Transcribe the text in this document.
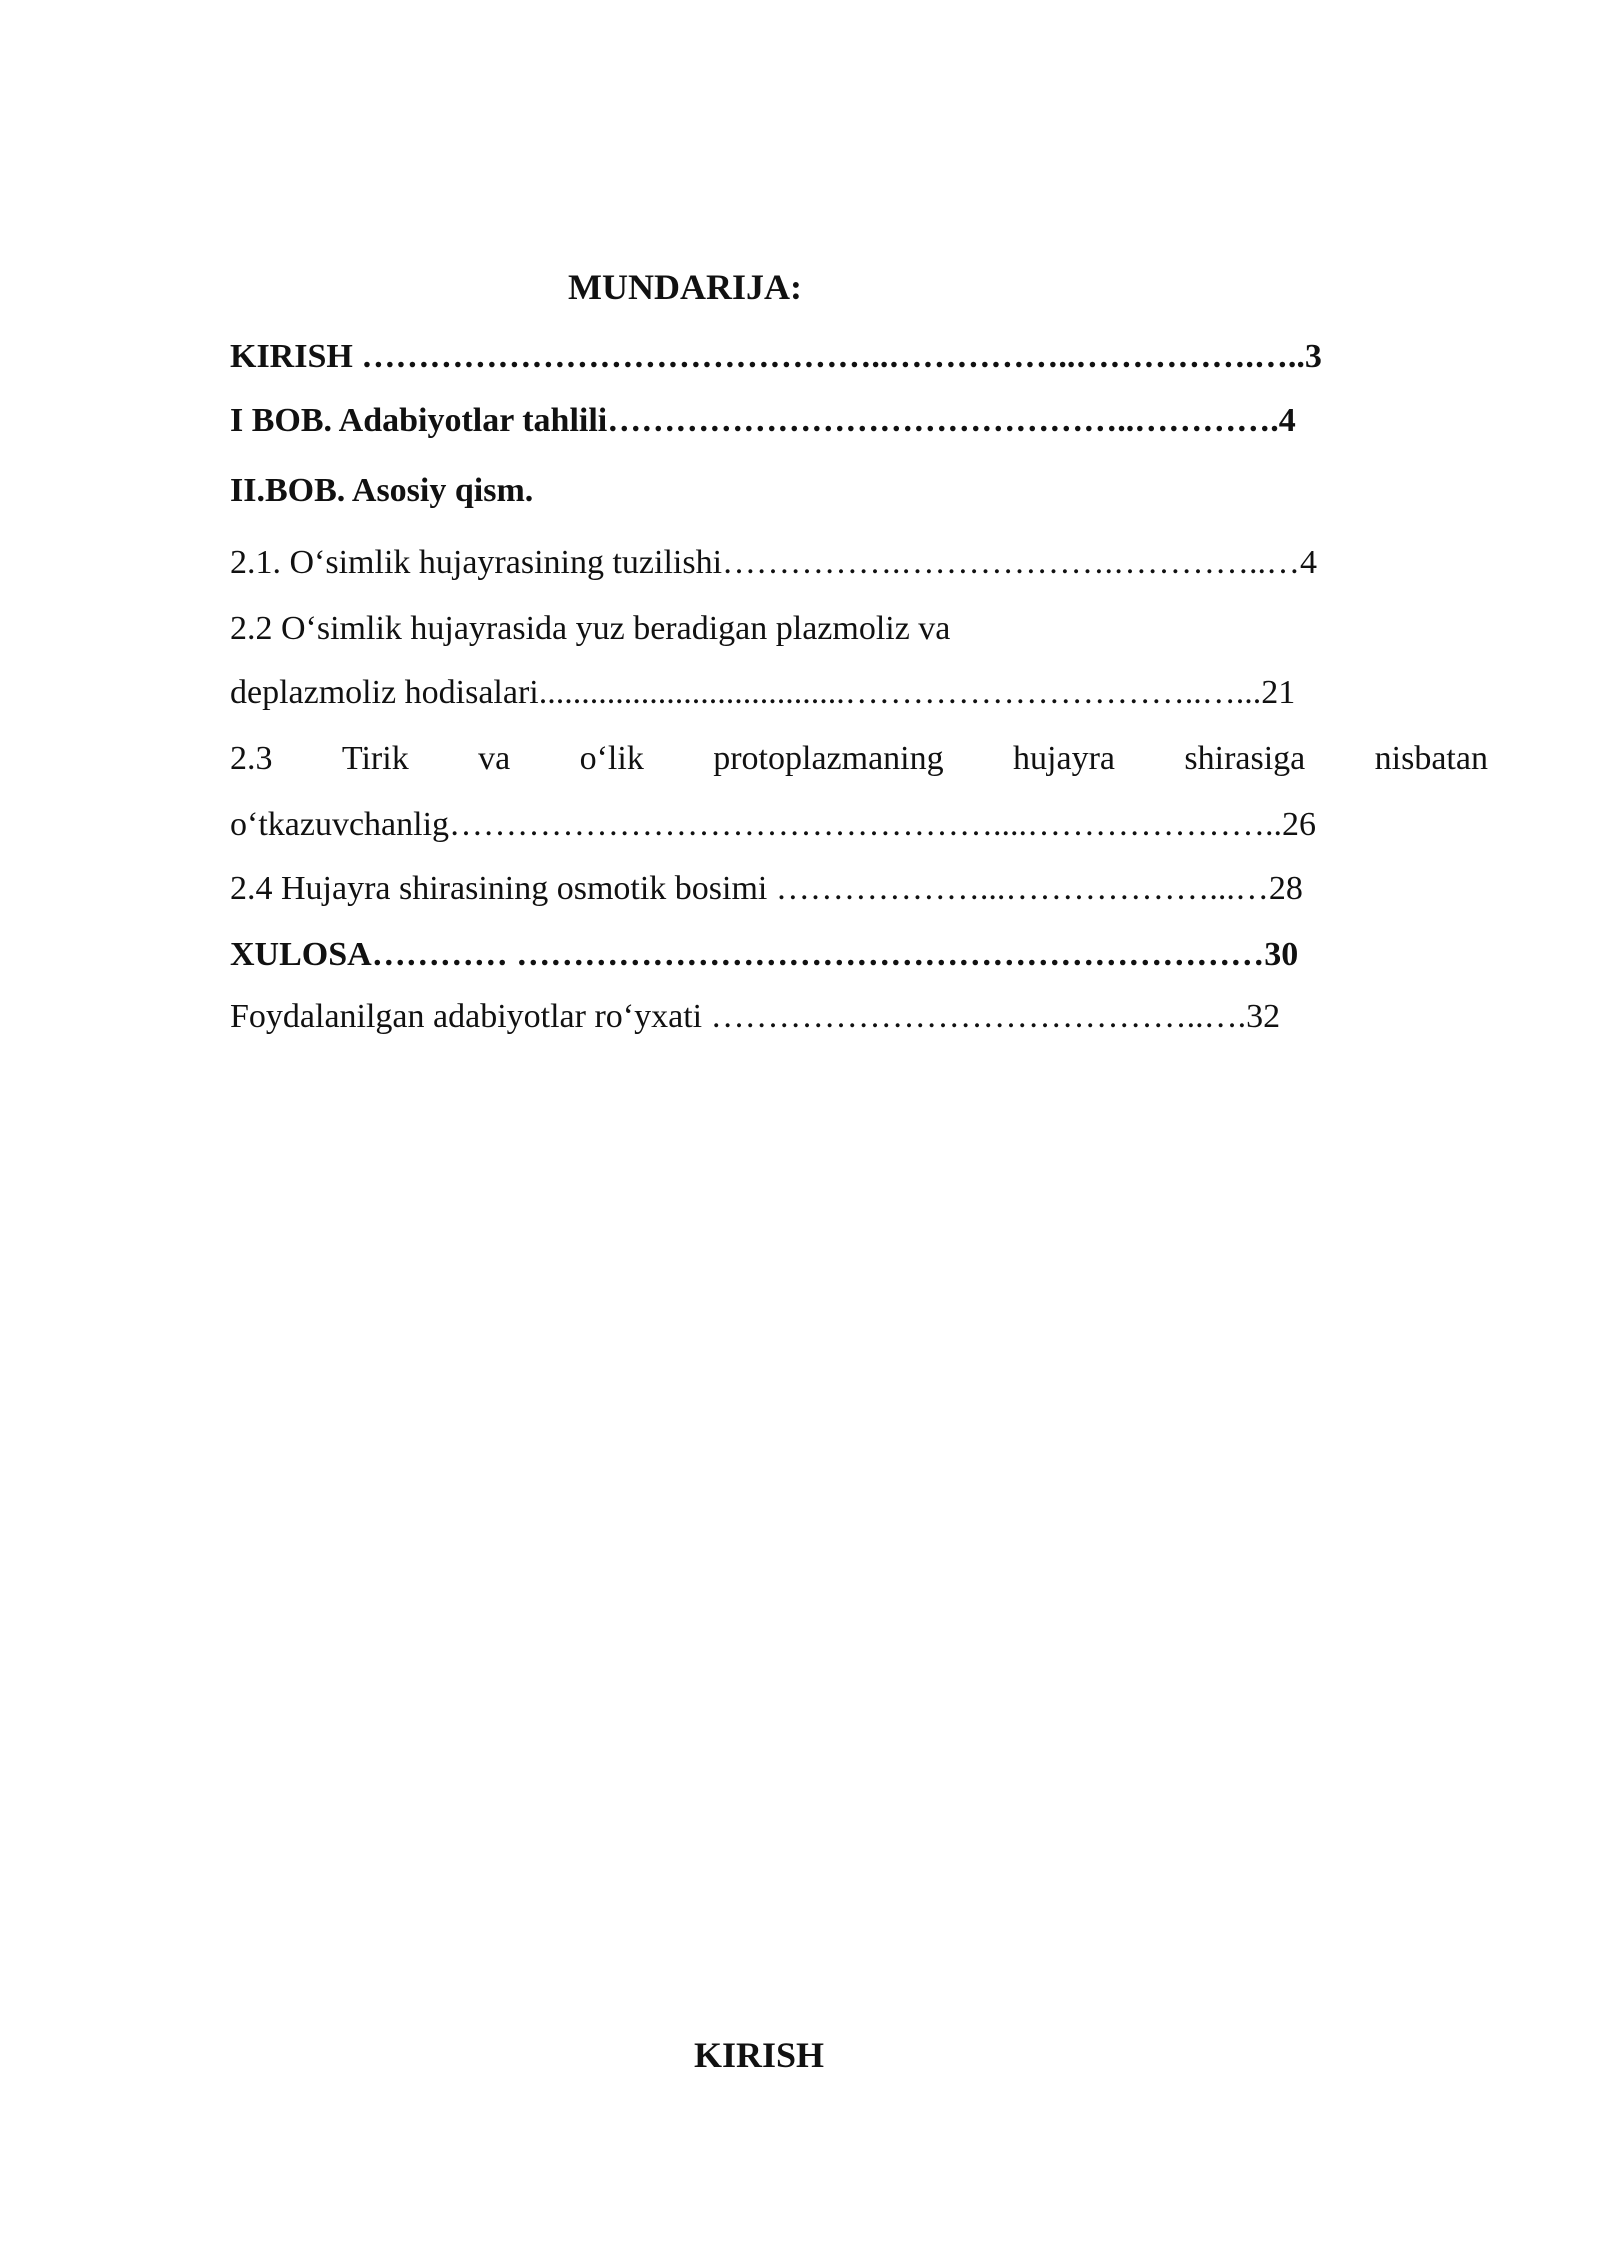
MUNDARIJA:
KIRISH ………………………………………..……………..…………….…..3
I BOB. Adabiyotlar tahlili………………………………………..………….4
II.BOB. Asosiy qism.
2.1. O‘simlik hujayrasining tuzilishi…………….……………….…………..…4
2.2 O‘simlik hujayrasida yuz beradigan plazmoliz va
deplazmoliz hodisalari....................................…………………………..…...21
2.3 Tirik va o‘lik protoplazmaning hujayra shirasiga nisbatan
o‘tkazuvchanlig…………………………………………....…………………..26
2.4 Hujayra shirasining osmotik bosimi ………………...………………...…28
XULOSA………… …………………………………………………………30
Foydalanilgan adabiyotlar ro‘yxati ……………………………………..….32
KIRISH
